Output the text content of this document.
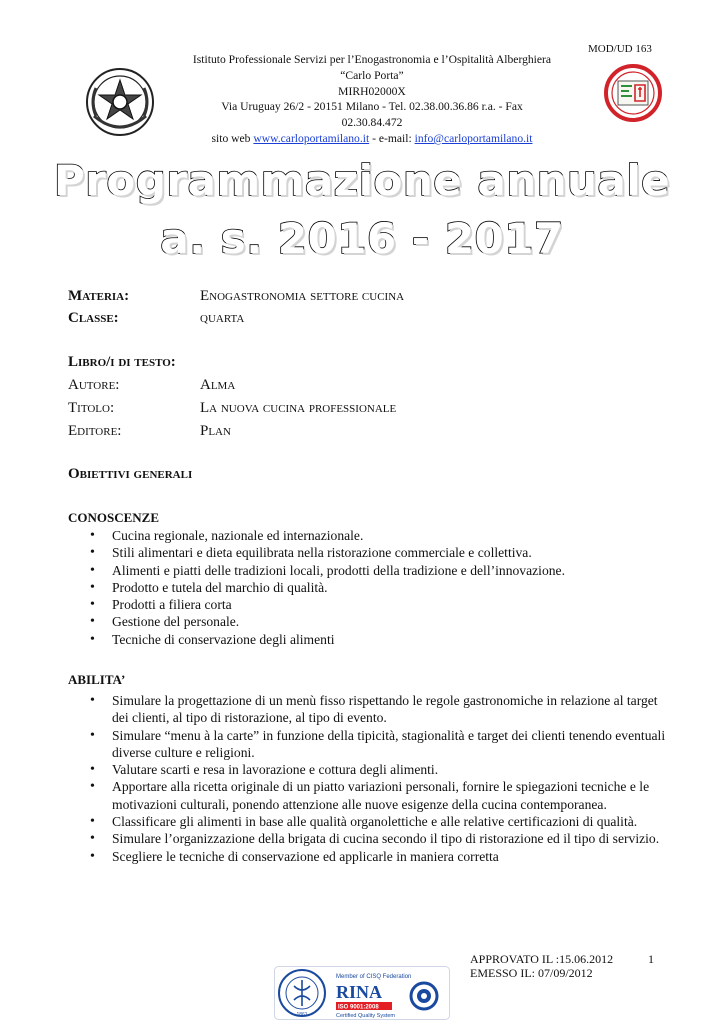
MOD/UD 163
Istituto Professionale Servizi per l’Enogastronomia e l’Ospitalità Alberghiera
“Carlo Porta”
MIRH02000X
Via Uruguay 26/2 - 20151 Milano - Tel. 02.38.00.36.86 r.a. - Fax
02.30.84.472
sito web www.carloportamilano.it - e-mail: info@carloportamilano.it
Programmazione annuale
a. s. 2016 - 2017
Materia:	Enogastronomia settore cucina
Classe:	quarta
Libro/i di testo:
Autore:	Alma
Titolo:	La nuova cucina professionale
Editore:	Plan
Obiettivi generali
CONOSCENZE
• Cucina regionale, nazionale ed internazionale.
• Stili alimentari e dieta equilibrata nella ristorazione commerciale e collettiva.
• Alimenti e piatti delle tradizioni locali, prodotti della tradizione e dell’innovazione.
• Prodotto e tutela del marchio di qualità.
• Prodotti a filiera corta
• Gestione del personale.
• Tecniche di conservazione degli alimenti
ABILITA’
• Simulare la progettazione di un menù fisso rispettando le regole gastronomiche in relazione al target dei clienti, al tipo di ristorazione, al tipo di evento.
• Simulare “menu à la carte” in funzione della tipicità, stagionalità e target dei clienti tenendo eventuali diverse culture e religioni.
• Valutare scarti e resa in lavorazione e cottura degli alimenti.
• Apportare alla ricetta originale di un piatto variazioni personali, fornire le spiegazioni tecniche e le motivazioni culturali, ponendo attenzione alle nuove esigenze della cucina contemporanea.
• Classificare gli alimenti in base alle qualità organolettiche e alle relative certificazioni di qualità.
• Simulare l’organizzazione della brigata di cucina secondo il tipo di ristorazione ed il tipo di servizio.
• Scegliere le tecniche di conservazione ed applicarle in maniera corretta
APPROVATO IL :15.06.2012
EMESSO IL: 07/09/2012
1
1861
Member of CISQ Federation
RINA
ISO 9001:2008
Certified Quality System
